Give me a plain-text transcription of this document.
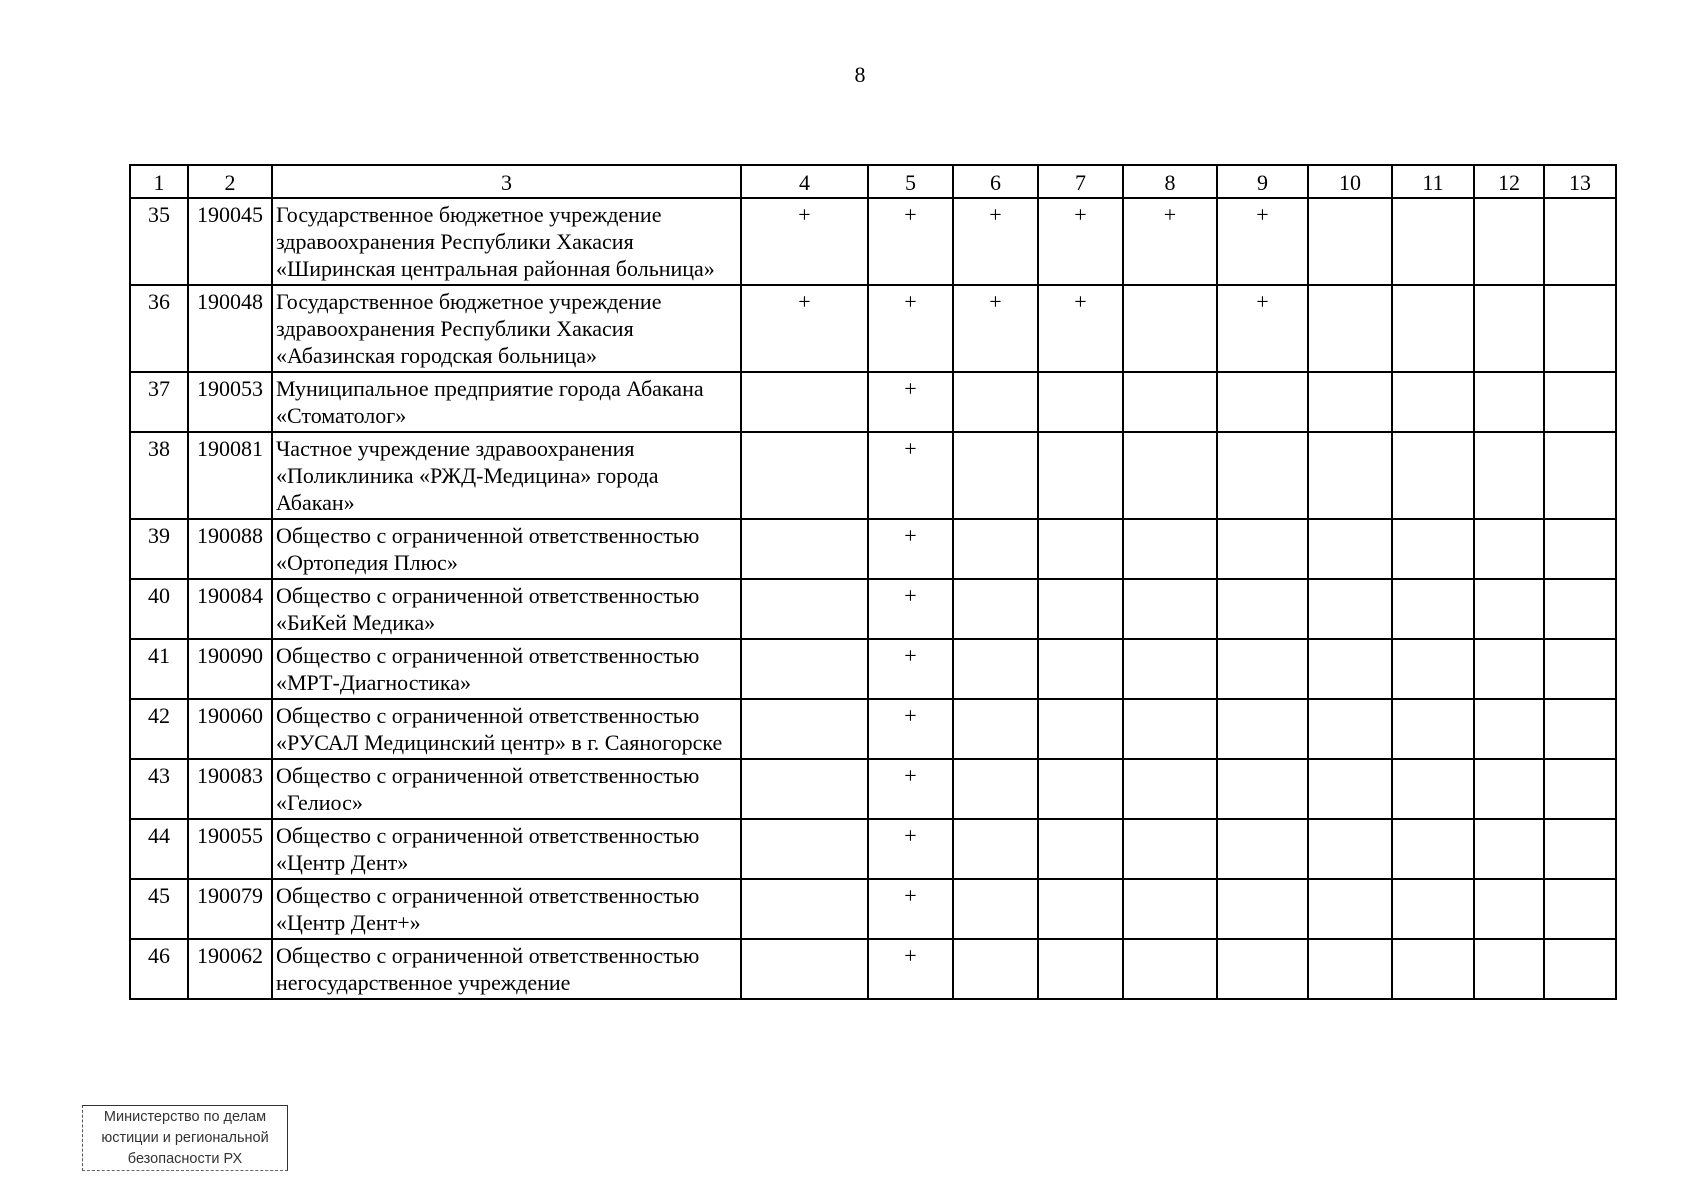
8
1	2	3	4	5	6	7	8	9	10	11	12	13
35	190045	Государственное бюджетное учреждение здравоохранения Республики Хакасия «Ширинская центральная районная больница»	+	+	+	+	+	+				
36	190048	Государственное бюджетное учреждение здравоохранения Республики Хакасия «Абазинская городская больница»	+	+	+	+		+				
37	190053	Муниципальное предприятие города Абакана «Стоматолог»		+								
38	190081	Частное учреждение здравоохранения «Поликлиника «РЖД-Медицина» города Абакан»		+								
39	190088	Общество с ограниченной ответственностью «Ортопедия Плюс»		+								
40	190084	Общество с ограниченной ответственностью «БиКей Медика»		+								
41	190090	Общество с ограниченной ответственностью «МРТ-Диагностика»		+								
42	190060	Общество с ограниченной ответственностью «РУСАЛ Медицинский центр» в г. Саяногорске		+								
43	190083	Общество с ограниченной ответственностью «Гелиос»		+								
44	190055	Общество с ограниченной ответственностью «Центр Дент»		+								
45	190079	Общество с ограниченной ответственностью «Центр Дент+»		+								
46	190062	Общество с ограниченной ответственностью негосударственное учреждение		+								
Министерство по делам
юстиции и региональной
безопасности РХ
